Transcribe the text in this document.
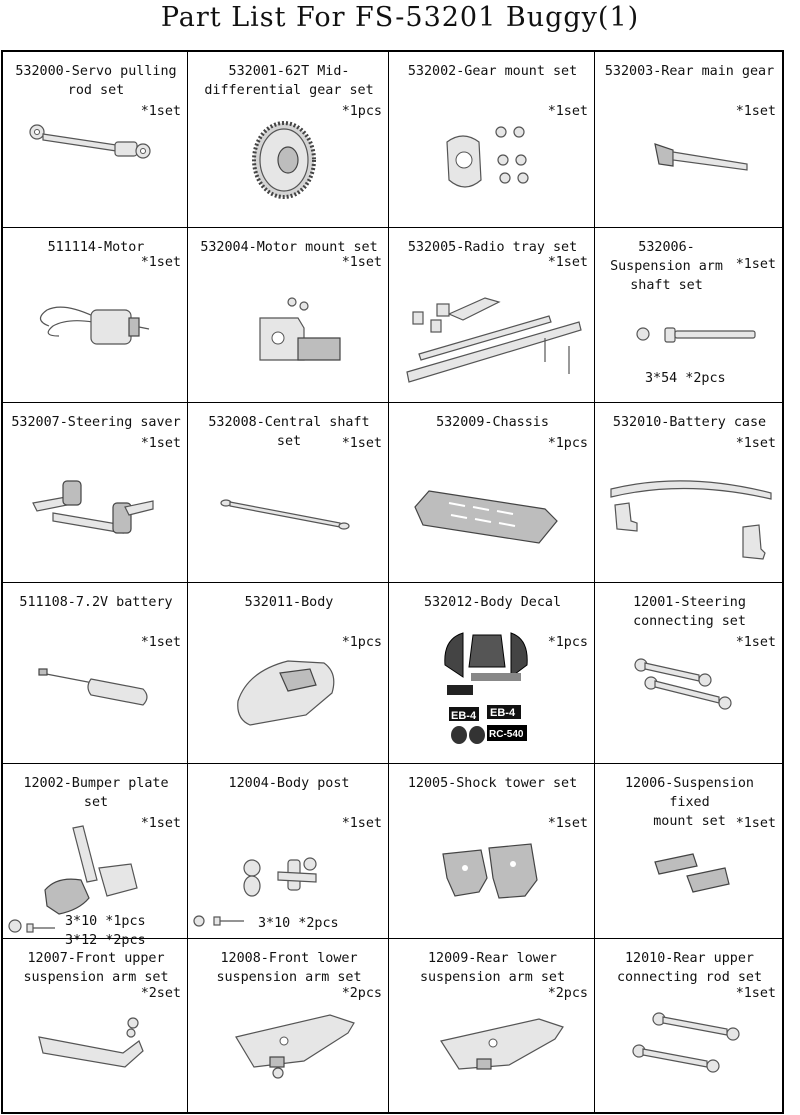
Part List For FS-53201 Buggy(1)
532000-Servo pulling
rod set
*1set
532001-62T Mid-
differential gear set
*1pcs
532002-Gear mount set
*1set
532003-Rear main gear
*1set
511114-Motor
*1set
532004-Motor mount set
*1set
532005-Radio tray set
*1set
532006-Suspension arm
shaft set
*1set
3*54 *2pcs
532007-Steering saver
*1set
532008-Central shaft set	*1set
532009-Chassis
*1pcs
532010-Battery case
*1set
511108-7.2V battery
*1set
532011-Body
*1pcs
532012-Body Decal
*1pcs
EB-4 EB-4
RC-540
12001-Steering
connecting set
*1set
12002-Bumper plate
set
*1set
3*10 *1pcs
3*12 *2pcs
12004-Body post
*1set
3*10 *2pcs
12005-Shock tower set
*1set
12006-Suspension fixed
mount set *1set
12007-Front upper
suspension arm set
*2set
12008-Front lower
suspension arm set
*2pcs
12009-Rear lower
suspension arm set
*2pcs
12010-Rear upper
connecting rod set
*1set
